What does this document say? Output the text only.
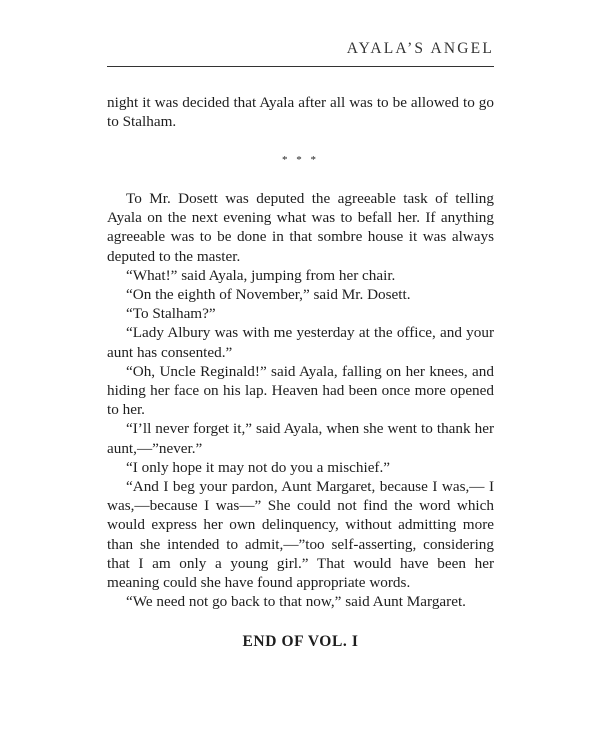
AYALA’S ANGEL

night it was decided that Ayala after all was to be allowed to go to Stalham.

* * *

To Mr. Dosett was deputed the agreeable task of telling Ayala on the next evening what was to befall her. If anything agreeable was to be done in that sombre house it was always deputed to the master.

“What!” said Ayala, jumping from her chair.

“On the eighth of November,” said Mr. Dosett.

“To Stalham?”

“Lady Albury was with me yesterday at the office, and your aunt has consented.”

“Oh, Uncle Reginald!” said Ayala, falling on her knees, and hiding her face on his lap. Heaven had been once more opened to her.

“I’ll never forget it,” said Ayala, when she went to thank her aunt,—”never.”

“I only hope it may not do you a mischief.”

“And I beg your pardon, Aunt Margaret, because I was,— I was,—because I was—” She could not find the word which would express her own delinquency, without admitting more than she intended to admit,—”too self-asserting, considering that I am only a young girl.” That would have been her meaning could she have found appropriate words.

“We need not go back to that now,” said Aunt Margaret.

END OF VOL. I
